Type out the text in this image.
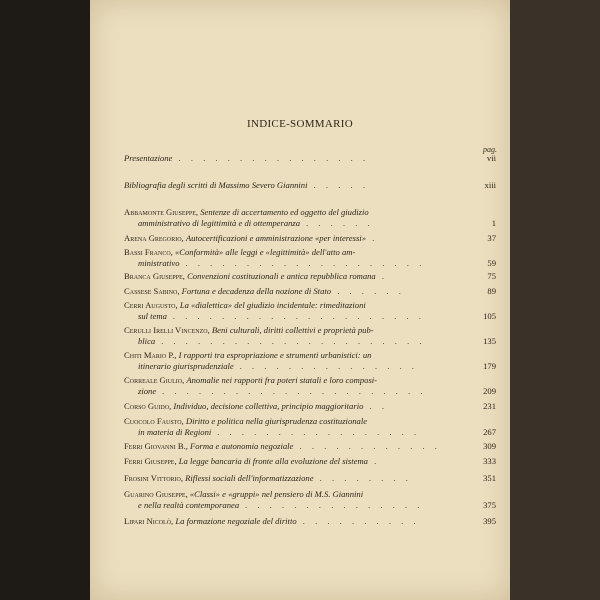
INDICE-SOMMARIO
pag.
Presentazione . . . . . . . . . . . . . . . .	vii
Bibliografia degli scritti di Massimo Severo Giannini . . . . .	xiii
Abbamonte Giuseppe, Sentenze di accertamento ed oggetto del giudizio
amministrativo di legittimità e di ottemperanza . . . . . .	1
Arena Gregorio, Autocertificazioni e amministrazione «per interessi» .	37
Bassi Franco, «Conformità» alle leggi e «legittimità» dell'atto am-
ministrativo . . . . . . . . . . . . . . . . . . . .	59
Branca Giuseppe, Convenzioni costituzionali e antica repubblica romana .	75
Cassese Sabino, Fortuna e decadenza della nozione di Stato . . . . . .	89
Cerri Augusto, La «dialettica» del giudizio incidentale: rimeditazioni
sul tema . . . . . . . . . . . . . . . . . . . . .	105
Cerulli Irelli Vincenzo, Beni culturali, diritti collettivi e proprietà pub-
blica . . . . . . . . . . . . . . . . . . . . . .	135
Chiti Mario P., I rapporti tra espropriazione e strumenti urbanistici: un
itinerario giurisprudenziale . . . . . . . . . . . . . . .	179
Correale Giulio, Anomalie nei rapporti fra poteri statali e loro composi-
zione . . . . . . . . . . . . . . . . . . . . . .	209
Corso Guido, Individuo, decisione collettiva, principio maggioritario . .	231
Cuocolo Fausto, Diritto e politica nella giurisprudenza costituzionale
in materia di Regioni . . . . . . . . . . . . . . . . .	267
Ferri Giovanni B., Forma e autonomia negoziale . . . . . . . . . . . .	309
Ferri Giuseppe, La legge bancaria di fronte alla evoluzione del sistema .	333
Frosini Vittorio, Riflessi sociali dell'informatizzazione . . . . . . . .	351
Guarino Giuseppe, «Classi» e «gruppi» nel pensiero di M.S. Giannini
e nella realtà contemporanea . . . . . . . . . . . . . . .	375
Lipari Nicolò, La formazione negoziale del diritto . . . . . . . . . .	395
